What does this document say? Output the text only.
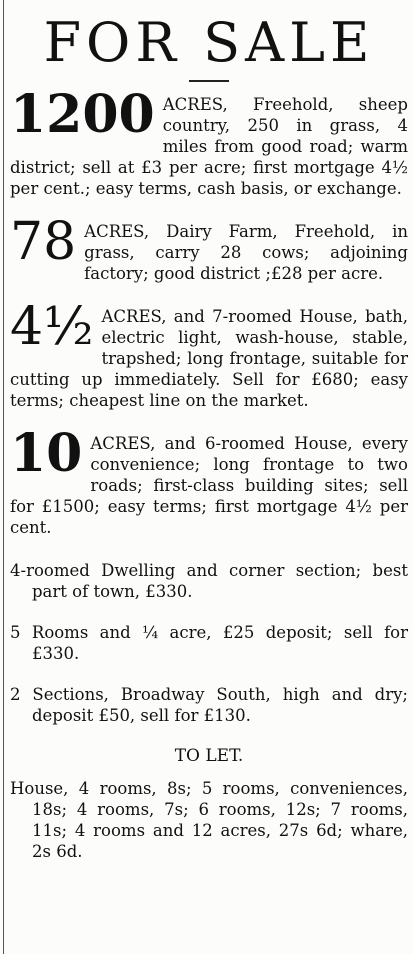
FOR SALE
1200 ACRES, Freehold, sheep country, 250 in grass, 4 miles from good road; warm district; sell at £3 per acre; first mortgage 4½ per cent.; easy terms, cash basis, or exchange.

78 ACRES, Dairy Farm, Freehold, in grass, carry 28 cows; adjoining factory; good district ;£28 per acre.

4½ ACRES, and 7-roomed House, bath, electric light, wash-house, stable, trapshed; long frontage, suitable for cutting up immediately. Sell for £680; easy terms; cheapest line on the market.

10 ACRES, and 6-roomed House, every convenience; long frontage to two roads; first-class building sites; sell for £1500; easy terms; first mortgage 4½ per cent.

4-roomed Dwelling and corner section; best part of town, £330.
5 Rooms and ¼ acre, £25 deposit; sell for £330.
2 Sections, Broadway South, high and dry; deposit £50, sell for £130.
TO LET.
House, 4 rooms, 8s; 5 rooms, conveniences, 18s; 4 rooms, 7s; 6 rooms, 12s; 7 rooms, 11s; 4 rooms and 12 acres, 27s 6d; whare, 2s 6d.
